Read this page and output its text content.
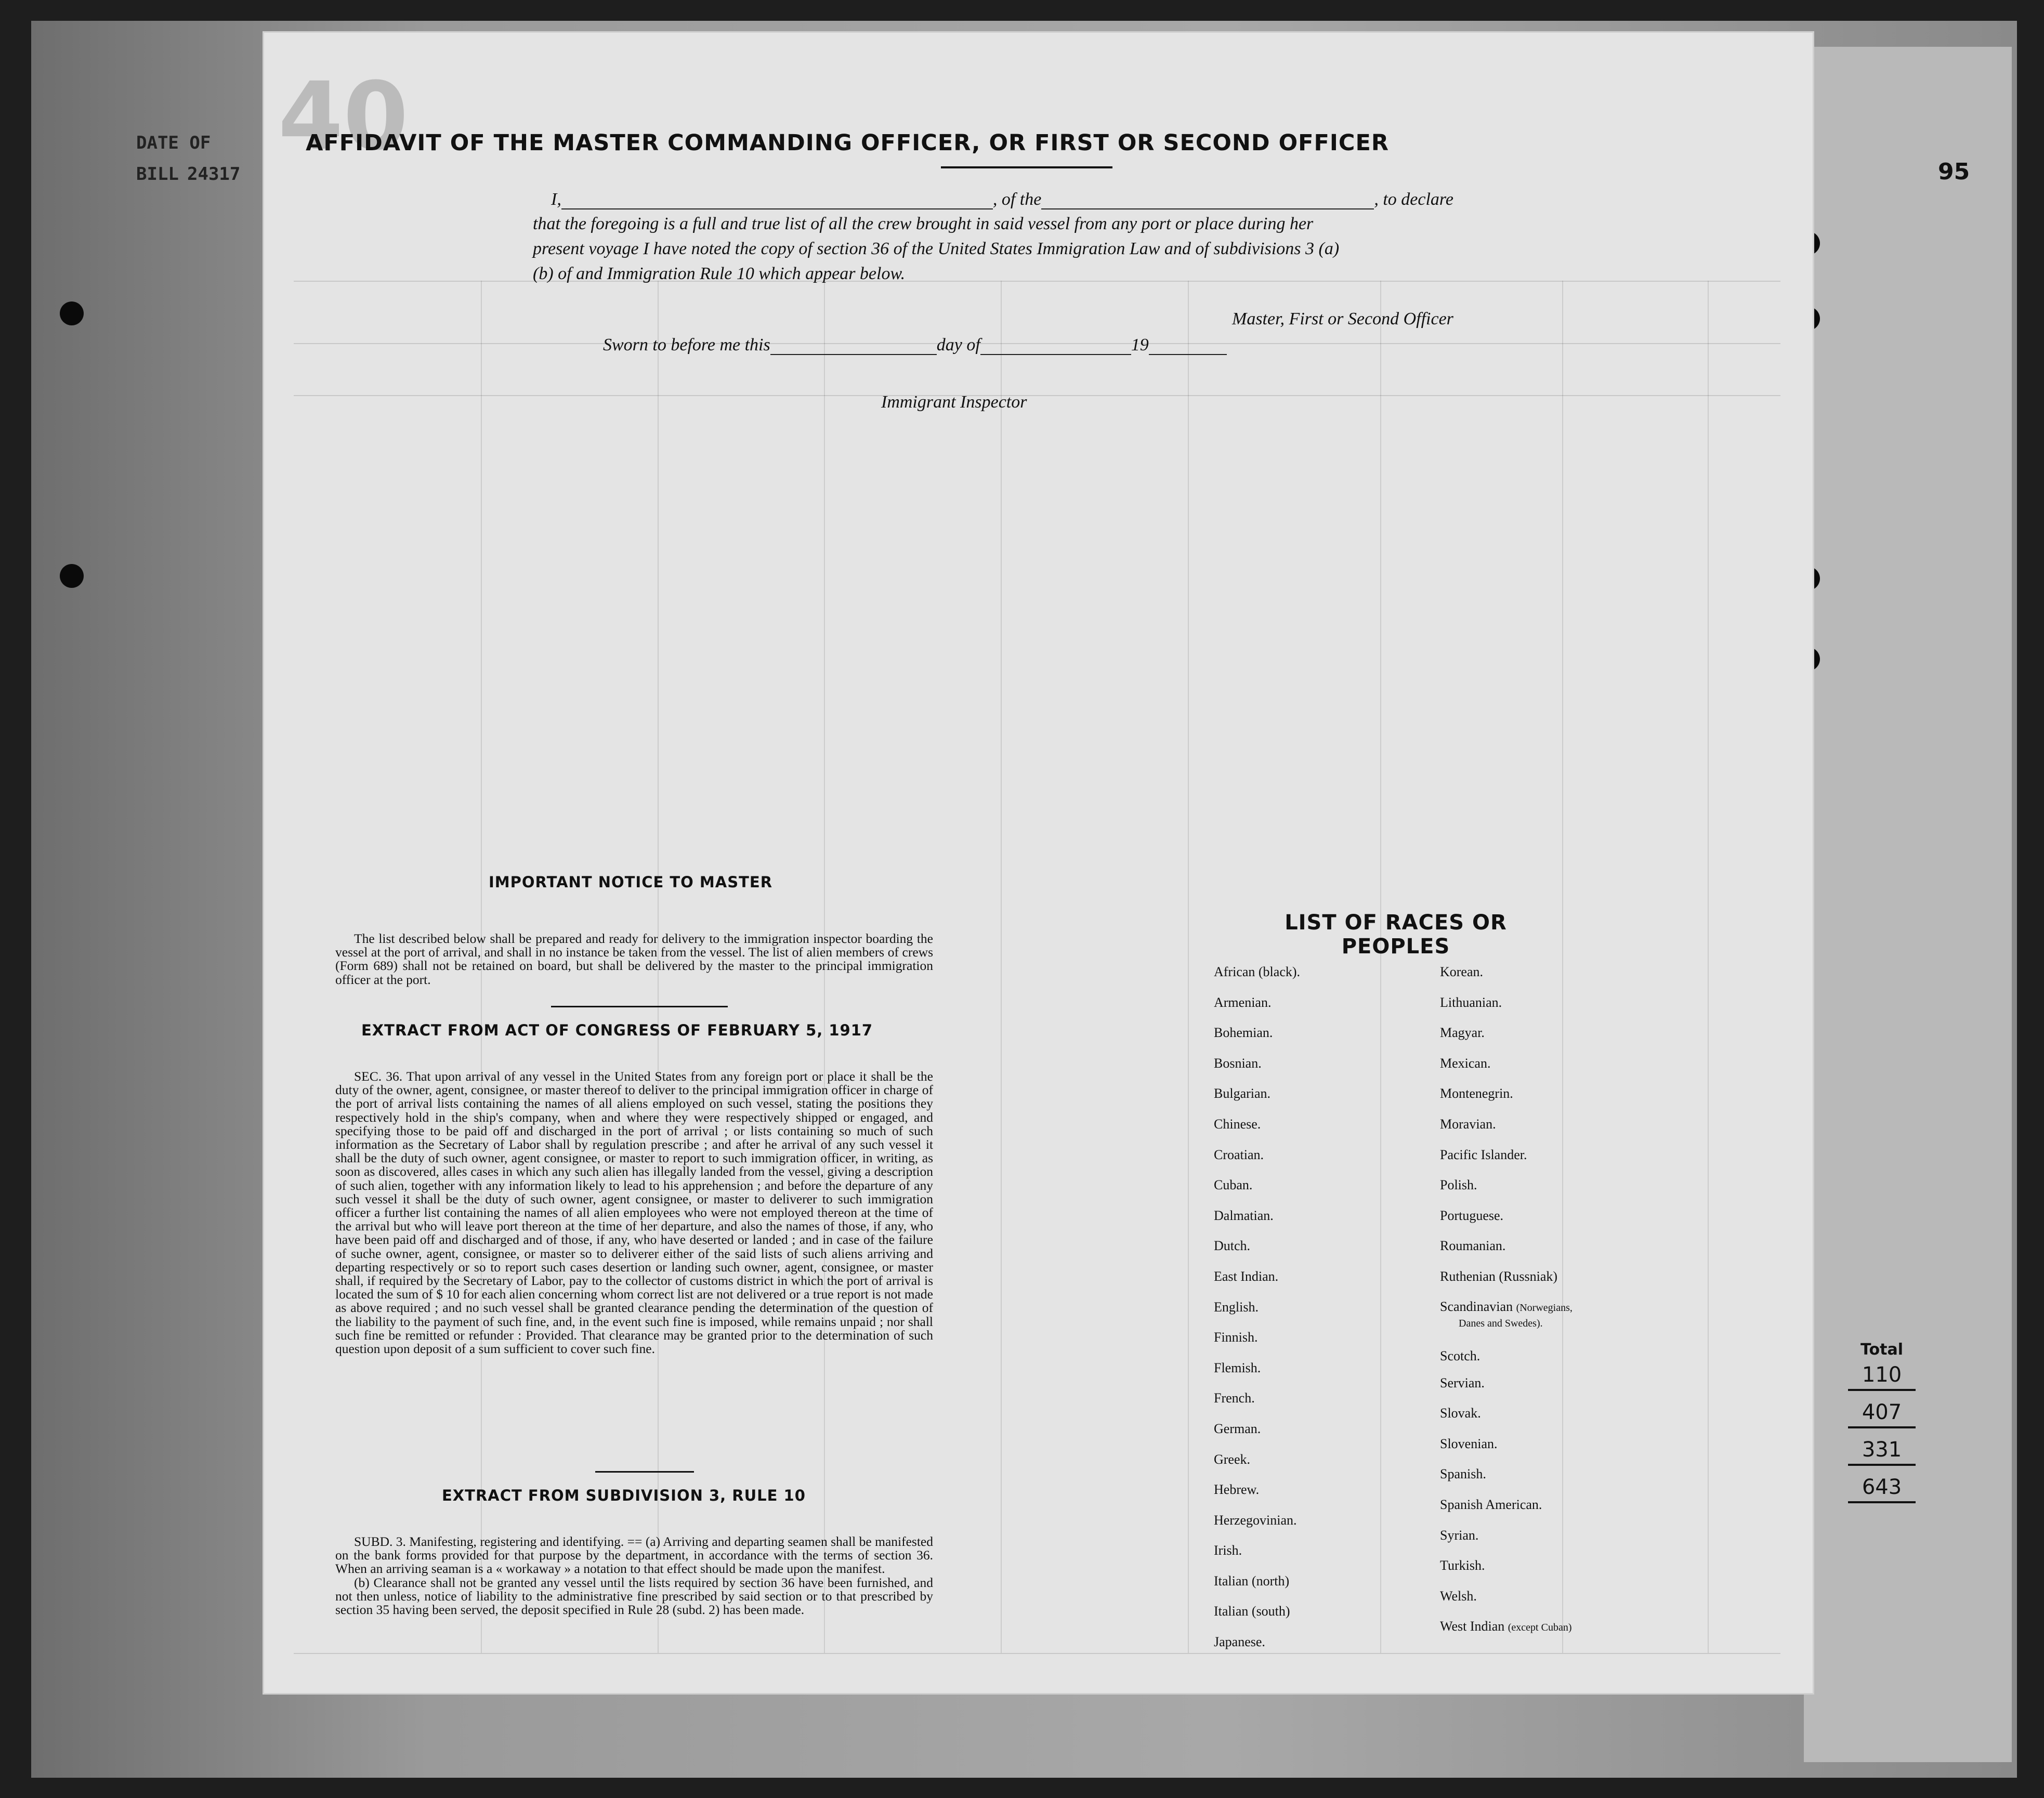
DATE OF
BILL 24317	95
Total
110
407
331
643
40
AFFIDAVIT OF THE MASTER COMMANDING OFFICER, OR FIRST OR SECOND OFFICER
I,	, of the	, to declare
that the foregoing is a full and true list of all the crew brought in said vessel from any port or place during her
present voyage I have noted the copy of section 36 of the United States Immigration Law and of subdivisions 3 (a)
(b) of and Immigration Rule 10 which appear below.
Master, First or Second Officer
Sworn to before me this	day of	19
Immigrant Inspector
IMPORTANT NOTICE TO MASTER

The list described below shall be prepared and ready for delivery to the immigration inspector boarding the vessel at the port of arrival, and shall in no instance be taken from the vessel. The list of alien members of crews (Form 689) shall not be retained on board, but shall be delivered by the master to the principal immigration officer at the port.

EXTRACT FROM ACT OF CONGRESS OF FEBRUARY 5, 1917

SEC. 36. That upon arrival of any vessel in the United States from any foreign port or place it shall be the duty of the owner, agent, consignee, or master thereof to deliver to the principal immigration officer in charge of the port of arrival lists containing the names of all aliens employed on such vessel, stating the positions they respectively hold in the ship's company, when and where they were respectively shipped or engaged, and specifying those to be paid off and discharged in the port of arrival ; or lists containing so much of such information as the Secretary of Labor shall by regulation prescribe ; and after he arrival of any such vessel it shall be the duty of such owner, agent consignee, or master to report to such immigration officer, in writing, as soon as discovered, alles cases in which any such alien has illegally landed from the vessel, giving a description of such alien, together with any information likely to lead to his apprehension ; and before the departure of any such vessel it shall be the duty of such owner, agent consignee, or master to deliverer to such immigration officer a further list containing the names of all alien employees who were not employed thereon at the time of the arrival but who will leave port thereon at the time of her departure, and also the names of those, if any, who have been paid off and discharged and of those, if any, who have deserted or landed ; and in case of the failure of suche owner, agent, consignee, or master so to deliverer either of the said lists of such aliens arriving and departing respectively or so to report such cases desertion or landing such owner, agent, consignee, or master shall, if required by the Secretary of Labor, pay to the collector of customs district in which the port of arrival is located the sum of $ 10 for each alien concerning whom correct list are not delivered or a true report is not made as above required ; and no such vessel shall be granted clearance pending the determination of the question of the liability to the payment of such fine, and, in the event such fine is imposed, while remains unpaid ; nor shall such fine be remitted or refunder : Provided. That clearance may be granted prior to the determination of such question upon deposit of a sum sufficient to cover such fine.

EXTRACT FROM SUBDIVISION 3, RULE 10

SUBD. 3. Manifesting, registering and identifying. == (a) Arriving and departing seamen shall be manifested on the bank forms provided for that purpose by the department, in accordance with the terms of section 36. When an arriving seaman is a « workaway » a notation to that effect should be made upon the manifest.

(b) Clearance shall not be granted any vessel until the lists required by section 36 have been furnished, and not then unless, notice of liability to the administrative fine prescribed by said section or to that prescribed by section 35 having been served, the deposit specified in Rule 28 (subd. 2) has been made.

LIST OF RACES OR PEOPLES
African (black).
Armenian.
Bohemian.
Bosnian.
Bulgarian.
Chinese.
Croatian.
Cuban.
Dalmatian.
Dutch.
East Indian.
English.
Finnish.
Flemish.
French.
German.
Greek.
Hebrew.
Herzegovinian.
Irish.
Italian (north)
Italian (south)
Japanese.
Korean.
Lithuanian.
Magyar.
Mexican.
Montenegrin.
Moravian.
Pacific Islander.
Polish.
Portuguese.
Roumanian.
Ruthenian (Russniak)
Scandinavian (Norwegians,
Danes and Swedes).
Scotch.
Servian.
Slovak.
Slovenian.
Spanish.
Spanish American.
Syrian.
Turkish.
Welsh.
West Indian (except Cuban)
